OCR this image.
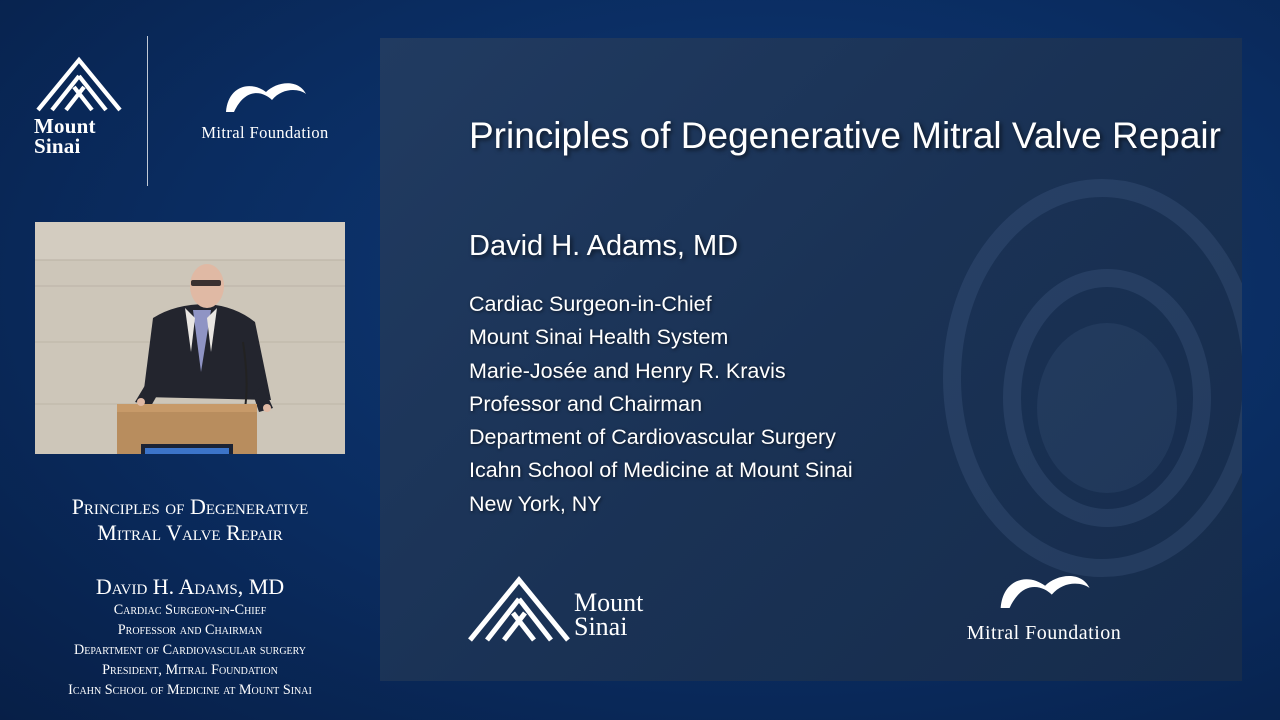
Mount
Sinai
Mitral Foundation
Principles of Degenerative
Mitral Valve Repair
David H. Adams, MD
Cardiac Surgeon-in-Chief
Professor and Chairman
Department of Cardiovascular surgery
President, Mitral Foundation
Icahn School of Medicine at Mount Sinai
Principles of Degenerative Mitral Valve Repair
David H. Adams, MD
Cardiac Surgeon-in-Chief
Mount Sinai Health System
Marie-Josée and Henry R. Kravis
Professor and Chairman
Department of Cardiovascular Surgery
Icahn School of Medicine at Mount Sinai
New York, NY
Mount
Sinai	Mitral Foundation
